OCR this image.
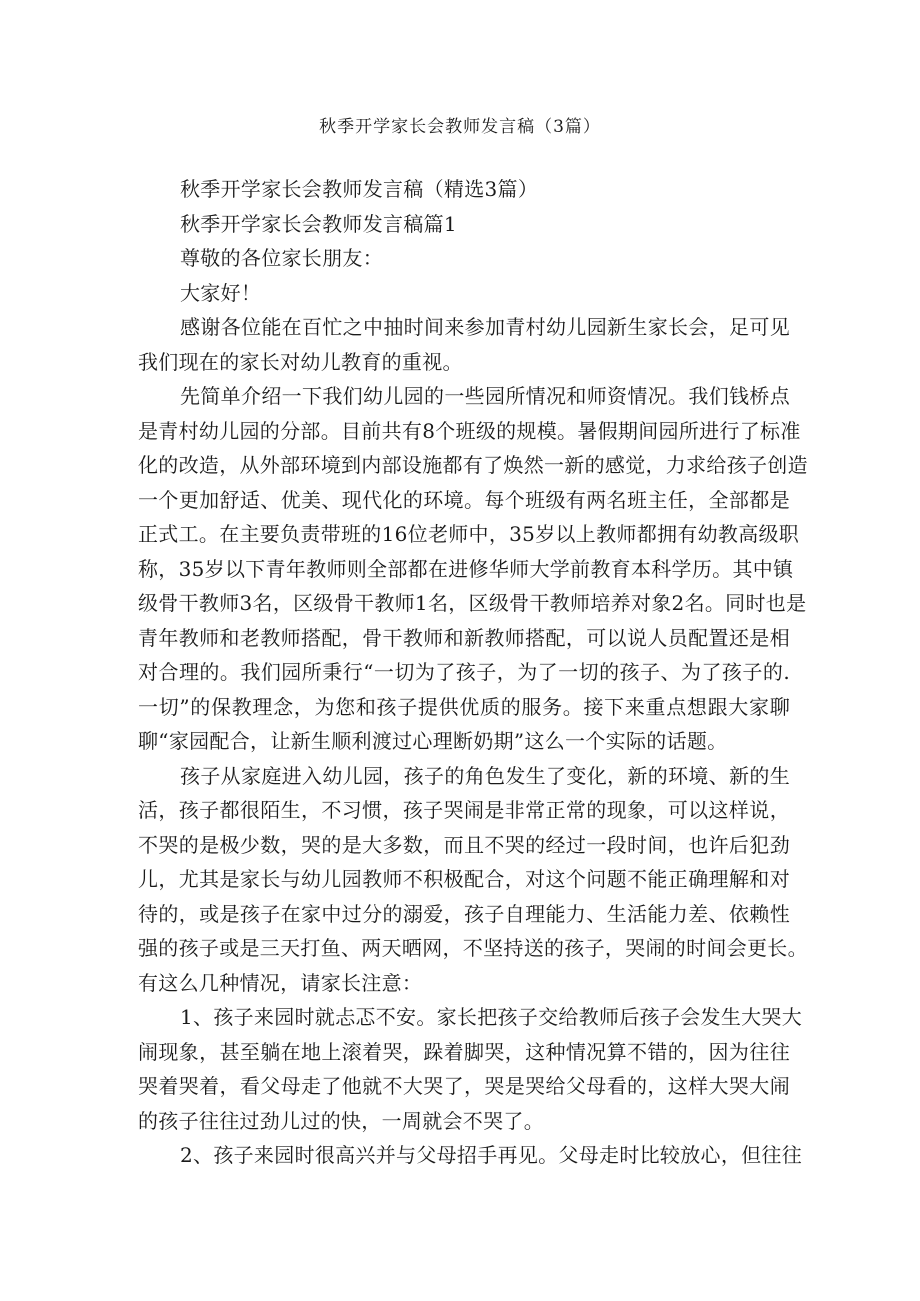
秋季开学家长会教师发言稿（3篇）
秋季开学家长会教师发言稿（精选3篇）
秋季开学家长会教师发言稿篇1
尊敬的各位家长朋友：
大家好！
感谢各位能在百忙之中抽时间来参加青村幼儿园新生家长会，足可见
我们现在的家长对幼儿教育的重视。
先简单介绍一下我们幼儿园的一些园所情况和师资情况。我们钱桥点
是青村幼儿园的分部。目前共有8个班级的规模。暑假期间园所进行了标准
化的改造，从外部环境到内部设施都有了焕然一新的感觉，力求给孩子创造
一个更加舒适、优美、现代化的环境。每个班级有两名班主任，全部都是
正式工。在主要负责带班的16位老师中，35岁以上教师都拥有幼教高级职
称，35岁以下青年教师则全部都在进修华师大学前教育本科学历。其中镇
级骨干教师3名，区级骨干教师1名，区级骨干教师培养对象2名。同时也是
青年教师和老教师搭配，骨干教师和新教师搭配，可以说人员配置还是相
对合理的。我们园所秉行“一切为了孩子，为了一切的孩子、为了孩子的.
一切”的保教理念，为您和孩子提供优质的服务。接下来重点想跟大家聊
聊“家园配合，让新生顺利渡过心理断奶期”这么一个实际的话题。
孩子从家庭进入幼儿园，孩子的角色发生了变化，新的环境、新的生
活，孩子都很陌生，不习惯，孩子哭闹是非常正常的现象，可以这样说，
不哭的是极少数，哭的是大多数，而且不哭的经过一段时间，也许后犯劲
儿，尤其是家长与幼儿园教师不积极配合，对这个问题不能正确理解和对
待的，或是孩子在家中过分的溺爱，孩子自理能力、生活能力差、依赖性
强的孩子或是三天打鱼、两天晒网，不坚持送的孩子，哭闹的时间会更长。
有这么几种情况，请家长注意：
1、孩子来园时就忐忑不安。家长把孩子交给教师后孩子会发生大哭大
闹现象，甚至躺在地上滚着哭，跺着脚哭，这种情况算不错的，因为往往
哭着哭着，看父母走了他就不大哭了，哭是哭给父母看的，这样大哭大闹
的孩子往往过劲儿过的快，一周就会不哭了。
2、孩子来园时很高兴并与父母招手再见。父母走时比较放心，但往往
